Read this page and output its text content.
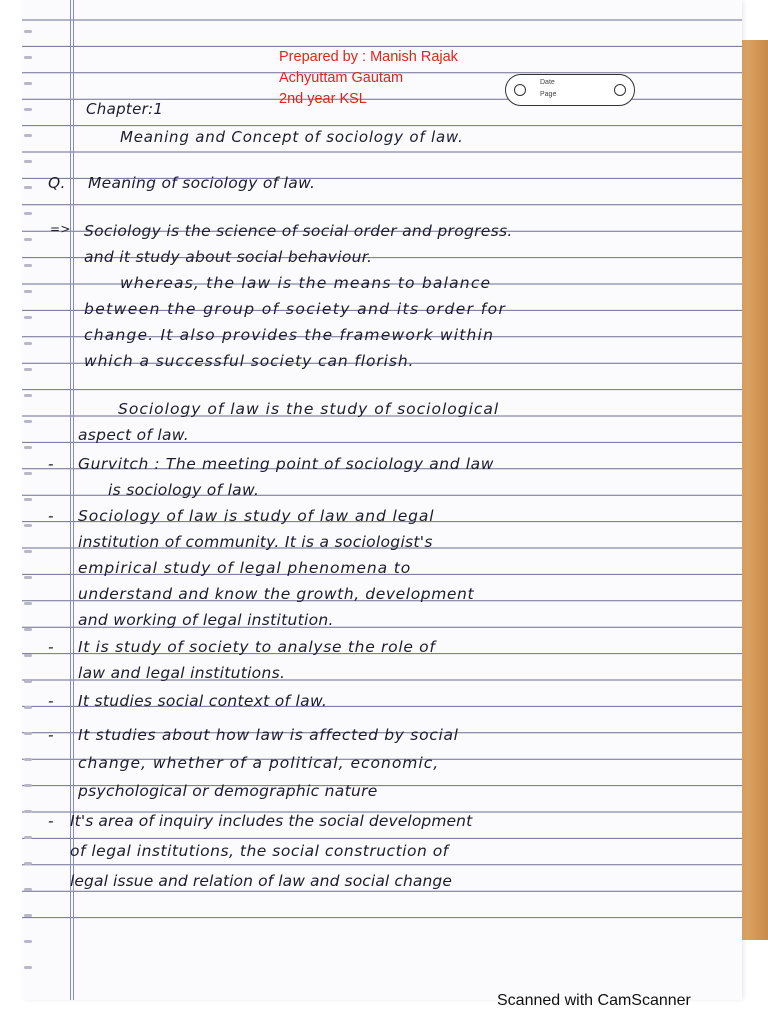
Prepared by : Manish Rajak
Achyuttam Gautam
2nd year KSL
Date
Page
Chapter:1
Meaning and Concept of sociology of law.
Q. Meaning of sociology of law.
=> Sociology is the science of social order and progress.
and it study about social behaviour.
whereas, the law is the means to balance
between the group of society and its order for
change. It also provides the framework within
which a successful society can florish.
Sociology of law is the study of sociological
aspect of law.
- Gurvitch : The meeting point of sociology and law
is sociology of law.
- Sociology of law is study of law and legal
institution of community. It is a sociologist's
empirical study of legal phenomena to
understand and know the growth, development
and working of legal institution.
- It is study of society to analyse the role of
law and legal institutions.
- It studies social context of law.
- It studies about how law is affected by social
change, whether of a political, economic,
psychological or demographic nature
- It's area of inquiry includes the social development
of legal institutions, the social construction of
legal issue and relation of law and social change
Scanned with CamScanner
